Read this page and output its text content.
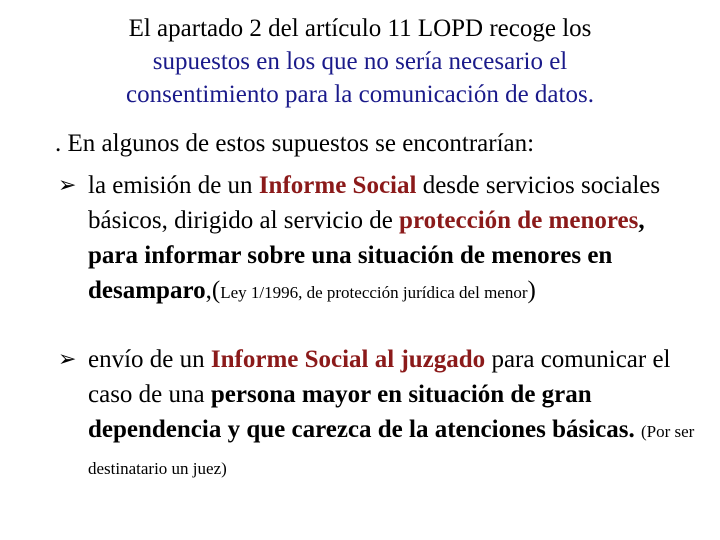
El apartado 2 del artículo 11 LOPD recoge los
supuestos en los que no sería necesario el
consentimiento para la comunicación de datos.
. En algunos de estos supuestos se encontrarían:
➢ la emisión de un Informe Social desde servicios sociales básicos, dirigido al servicio de protección de menores, para informar sobre una situación de menores en desamparo,(Ley 1/1996, de protección jurídica del menor)
➢ envío de un Informe Social al juzgado para comunicar el caso de una persona mayor en situación de gran dependencia y que carezca de la atenciones básicas. (Por ser destinatario un juez)
